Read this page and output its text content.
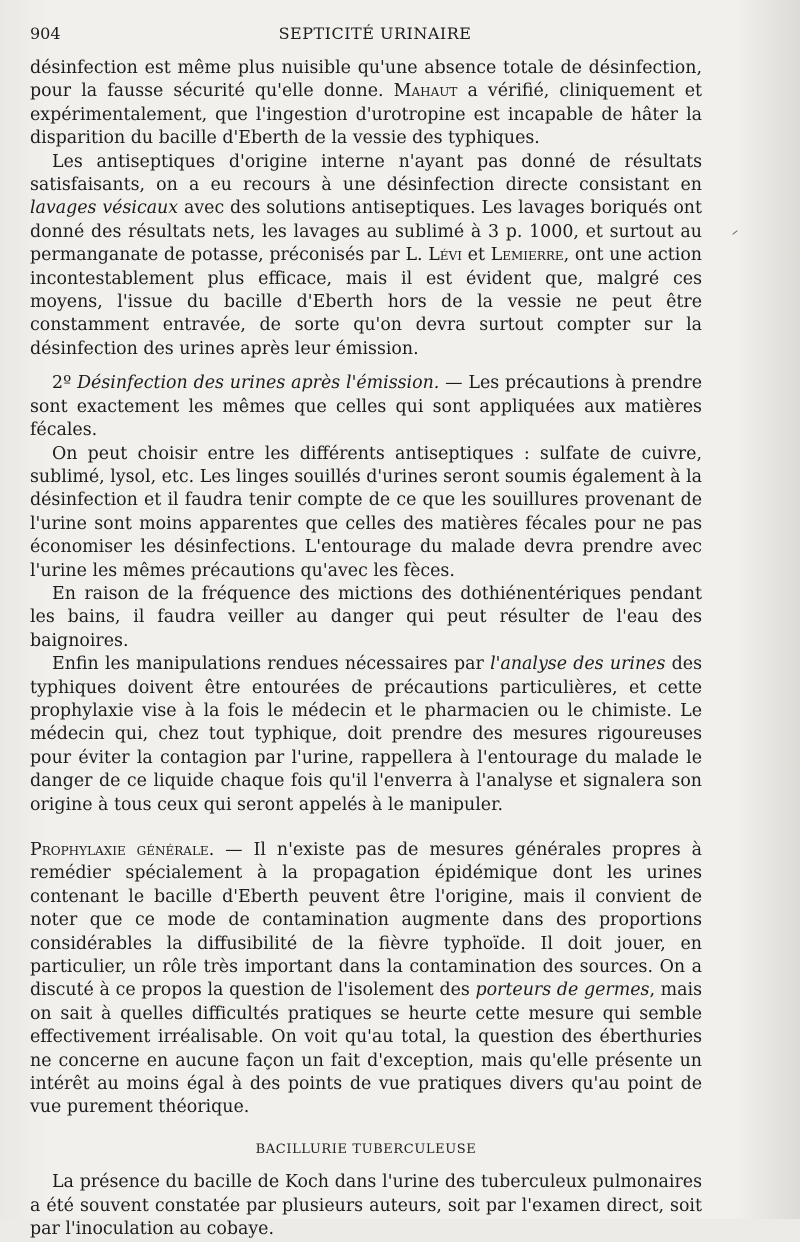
904	SEPTICITÉ URINAIRE

désinfection est même plus nuisible qu'une absence totale de désinfection, pour la fausse sécurité qu'elle donne. Mahaut a vérifié, cliniquement et expérimentalement, que l'ingestion d'urotropine est incapable de hâter la disparition du bacille d'Eberth de la vessie des typhiques.

Les antiseptiques d'origine interne n'ayant pas donné de résultats satisfaisants, on a eu recours à une désinfection directe consistant en lavages vésicaux avec des solutions antiseptiques. Les lavages boriqués ont donné des résultats nets, les lavages au sublimé à 3 p. 1000, et surtout au permanganate de potasse, préconisés par L. Lévi et Lemierre, ont une action incontestablement plus efficace, mais il est évident que, malgré ces moyens, l'issue du bacille d'Eberth hors de la vessie ne peut être constamment entravée, de sorte qu'on devra surtout compter sur la désinfection des urines après leur émission.

2º Désinfection des urines après l'émission. — Les précautions à prendre sont exactement les mêmes que celles qui sont appliquées aux matières fécales.

On peut choisir entre les différents antiseptiques : sulfate de cuivre, sublimé, lysol, etc. Les linges souillés d'urines seront soumis également à la désinfection et il faudra tenir compte de ce que les souillures provenant de l'urine sont moins apparentes que celles des matières fécales pour ne pas économiser les désinfections. L'entourage du malade devra prendre avec l'urine les mêmes précautions qu'avec les fèces.

En raison de la fréquence des mictions des dothiénentériques pendant les bains, il faudra veiller au danger qui peut résulter de l'eau des baignoires.

Enfin les manipulations rendues nécessaires par l'analyse des urines des typhiques doivent être entourées de précautions particulières, et cette prophylaxie vise à la fois le médecin et le pharmacien ou le chimiste. Le médecin qui, chez tout typhique, doit prendre des mesures rigoureuses pour éviter la contagion par l'urine, rappellera à l'entourage du malade le danger de ce liquide chaque fois qu'il l'enverra à l'analyse et signalera son origine à tous ceux qui seront appelés à le manipuler.

Prophylaxie générale. — Il n'existe pas de mesures générales propres à remédier spécialement à la propagation épidémique dont les urines contenant le bacille d'Eberth peuvent être l'origine, mais il convient de noter que ce mode de contamination augmente dans des proportions considérables la diffusibilité de la fièvre typhoïde. Il doit jouer, en particulier, un rôle très important dans la contamination des sources. On a discuté à ce propos la question de l'isolement des porteurs de germes, mais on sait à quelles difficultés pratiques se heurte cette mesure qui semble effectivement irréalisable. On voit qu'au total, la question des éberthuries ne concerne en aucune façon un fait d'exception, mais qu'elle présente un intérêt au moins égal à des points de vue pratiques divers qu'au point de vue purement théorique.

BACILLURIE TUBERCULEUSE

La présence du bacille de Koch dans l'urine des tuberculeux pulmonaires a été souvent constatée par plusieurs auteurs, soit par l'examen direct, soit par l'inoculation au cobaye.
